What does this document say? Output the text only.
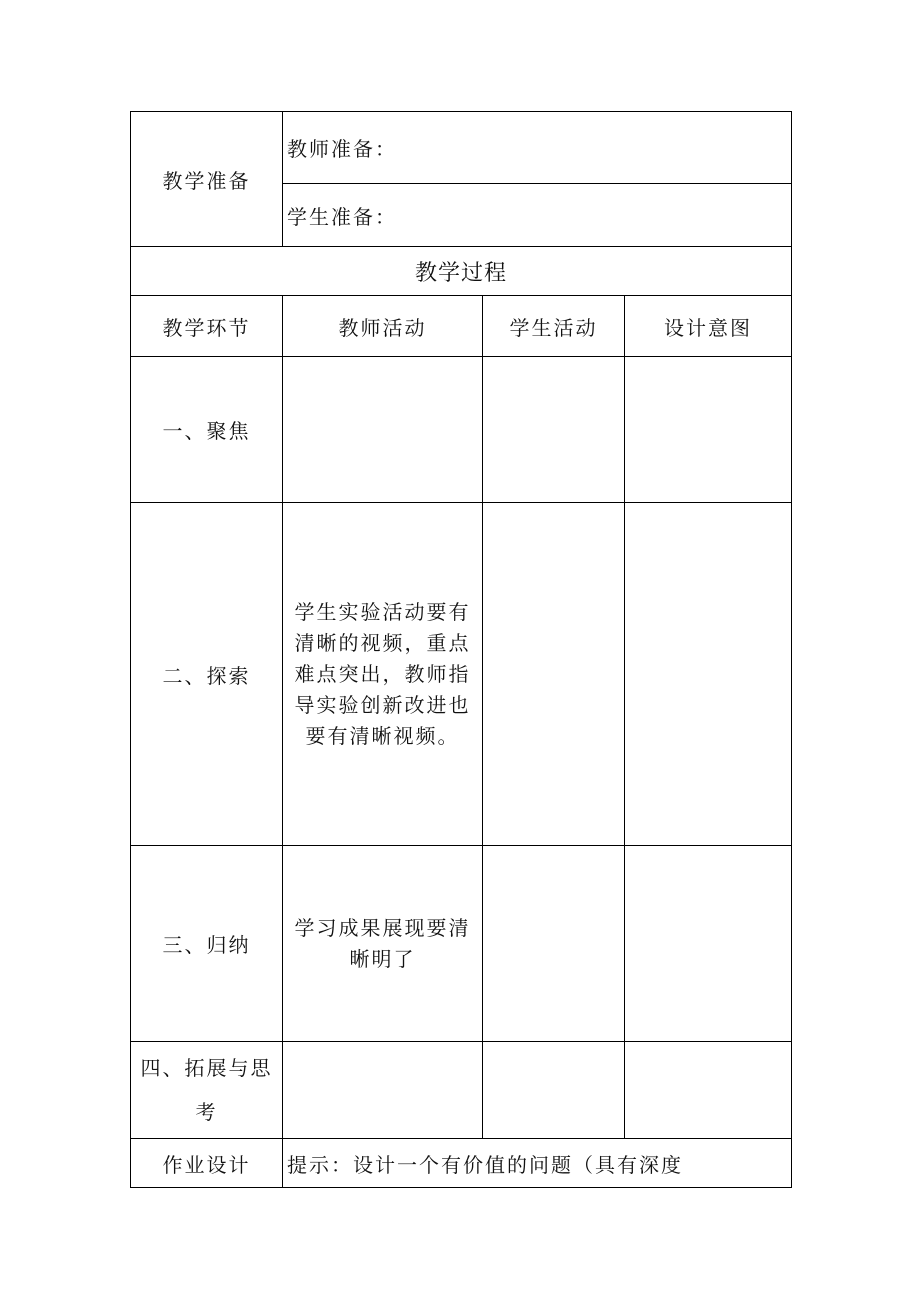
教学准备	教师准备：		
	学生准备：		
教学过程			
教学环节	教师活动	学生活动	设计意图
一、聚焦			
二、探索	学生实验活动要有清晰的视频，重点难点突出，教师指导实验创新改进也要有清晰视频。		

三、归纳	学习成果展现要清晰明了		

四、拓展与思考			

作业设计	提示：设计一个有价值的问题（具有深度		
